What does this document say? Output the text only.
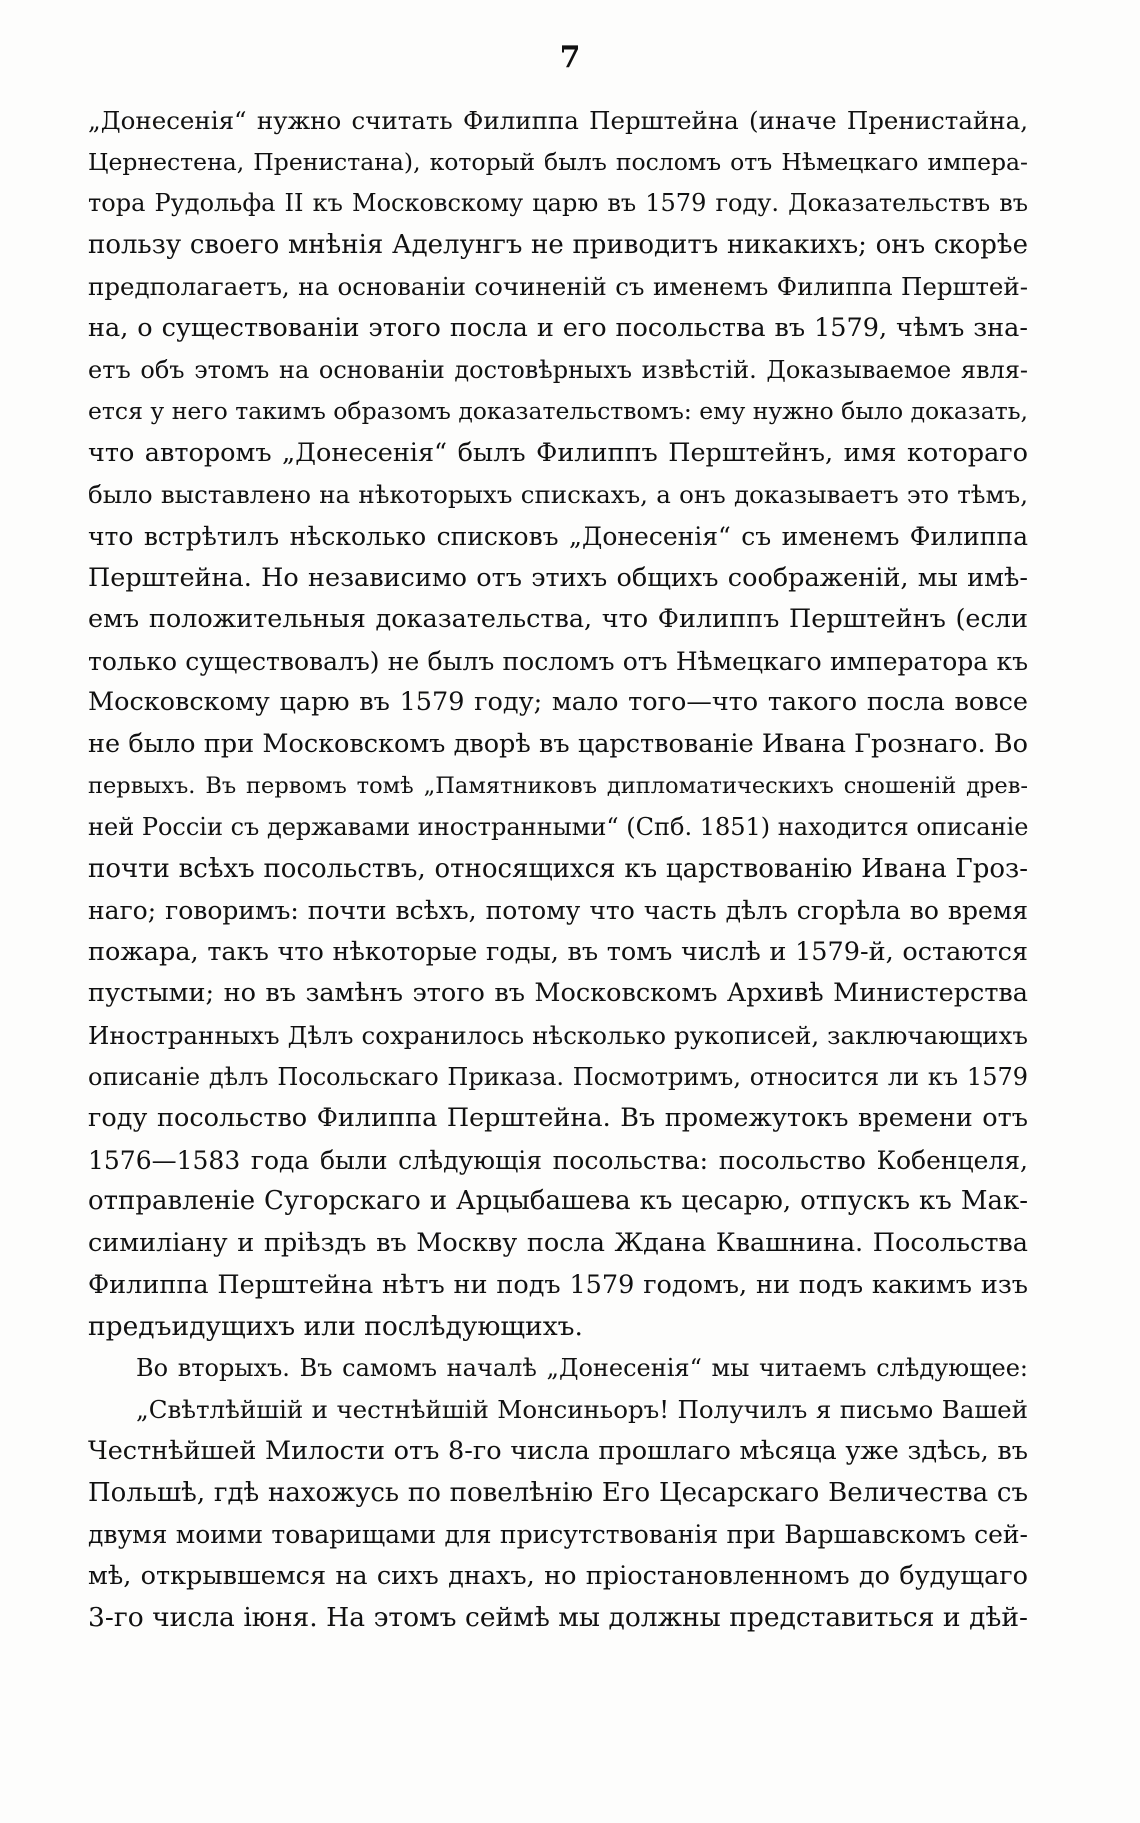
7
„Донесенія“ нужно считать Филиппа Перштейна (иначе Пренистайна,
Цернестена, Пренистана), который былъ посломъ отъ Нѣмецкаго импера-
тора Рудольфа II къ Московскому царю въ 1579 году. Доказательствъ въ
пользу своего мнѣнія Аделунгъ не приводитъ никакихъ; онъ скорѣе
предполагаетъ, на основаніи сочиненій съ именемъ Филиппа Перштей-
на, о существованіи этого посла и его посольства въ 1579, чѣмъ зна-
етъ объ этомъ на основаніи достовѣрныхъ извѣстій. Доказываемое явля-
ется у него такимъ образомъ доказательствомъ: ему нужно было доказать,
что авторомъ „Донесенія“ былъ Филиппъ Перштейнъ, имя котораго
было выставлено на нѣкоторыхъ спискахъ, а онъ доказываетъ это тѣмъ,
что встрѣтилъ нѣсколько списковъ „Донесенія“ съ именемъ Филиппа
Перштейна. Но независимо отъ этихъ общихъ соображеній, мы имѣ-
емъ положительныя доказательства, что Филиппъ Перштейнъ (если
только существовалъ) не былъ посломъ отъ Нѣмецкаго императора къ
Московскому царю въ 1579 году; мало того—что такого посла вовсе
не было при Московскомъ дворѣ въ царствованіе Ивана Грознаго. Во
первыхъ. Въ первомъ томѣ „Памятниковъ дипломатическихъ сношеній древ-
ней Россіи съ державами иностранными“ (Спб. 1851) находится описаніе
почти всѣхъ посольствъ, относящихся къ царствованію Ивана Гроз-
наго; говоримъ: почти всѣхъ, потому что часть дѣлъ сгорѣла во время
пожара, такъ что нѣкоторые годы, въ томъ числѣ и 1579-й, остаются
пустыми; но въ замѣнъ этого въ Московскомъ Архивѣ Министерства
Иностранныхъ Дѣлъ сохранилось нѣсколько рукописей, заключающихъ
описаніе дѣлъ Посольскаго Приказа. Посмотримъ, относится ли къ 1579
году посольство Филиппа Перштейна. Въ промежутокъ времени отъ
1576—1583 года были слѣдующія посольства: посольство Кобенцеля,
отправленіе Сугорскаго и Арцыбашева къ цесарю, отпускъ къ Мак-
симиліану и пріѣздъ въ Москву посла Ждана Квашнина. Посольства
Филиппа Перштейна нѣтъ ни подъ 1579 годомъ, ни подъ какимъ изъ
предъидущихъ или послѣдующихъ.
Во вторыхъ. Въ самомъ началѣ „Донесенія“ мы читаемъ слѣдующее:
„Свѣтлѣйшій и честнѣйшій Монсиньоръ! Получилъ я письмо Вашей
Честнѣйшей Милости отъ 8-го числа прошлаго мѣсяца уже здѣсь, въ
Польшѣ, гдѣ нахожусь по повелѣнію Его Цесарскаго Величества съ
двумя моими товарищами для присутствованія при Варшавскомъ сей-
мѣ, открывшемся на сихъ днахъ, но пріостановленномъ до будущаго
3-го числа іюня. На этомъ сеймѣ мы должны представиться и дѣй-
